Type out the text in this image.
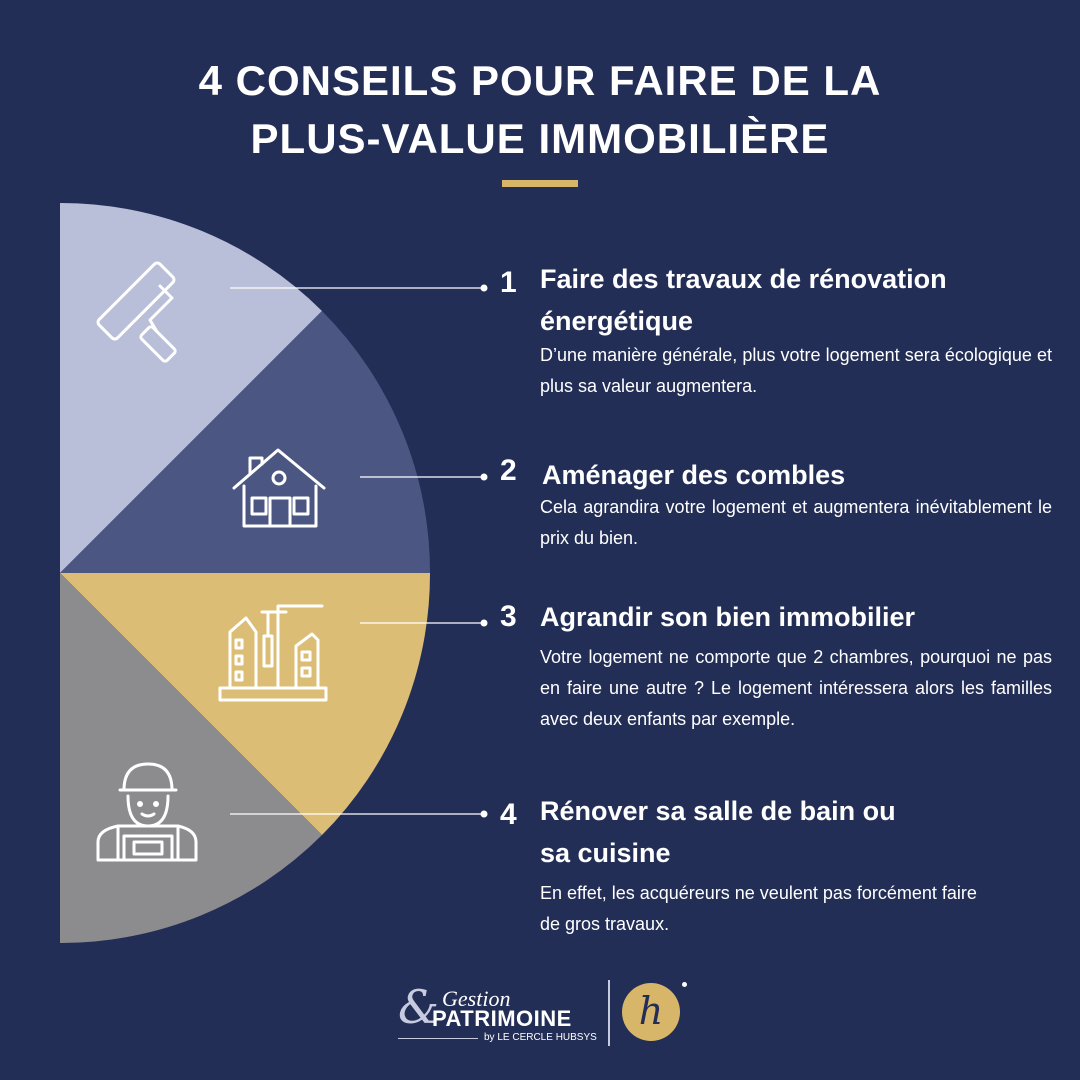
4 CONSEILS POUR FAIRE DE LA
PLUS-VALUE IMMOBILIÈRE
1 Faire des travaux de rénovation énergétique
D’une manière générale, plus votre logement sera écologique et plus sa valeur augmentera.
2 Aménager des combles
Cela agrandira votre logement et augmentera inévitablement le prix du bien.
3 Agrandir son bien immobilier
Votre logement ne comporte que 2 chambres, pourquoi ne pas en faire une autre ? Le logement intéressera alors les familles avec deux enfants par exemple.
4 Rénover sa salle de bain ou sa cuisine
En effet, les acquéreurs ne veulent pas forcément faire de gros travaux.
& Gestion
PATRIMOINE
by LE CERCLE HUBSYS
h
